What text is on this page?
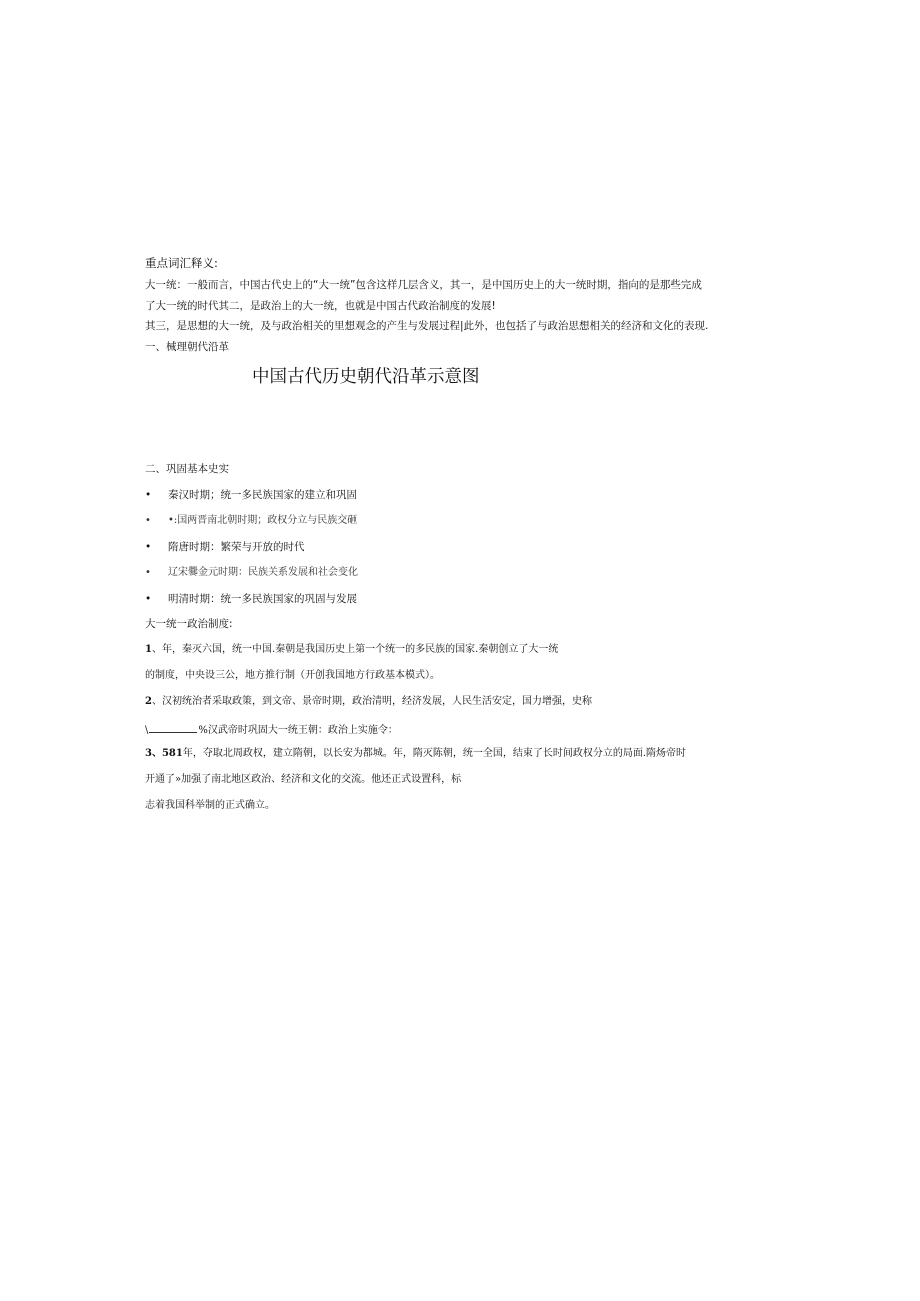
重点词汇释义:
大一统：一般而言，中国古代史上的“大一统”包含这样几层含义，其一，是中国历史上的大一统时期，指向的是那些完成
了大一统的时代其二，是政治上的大一统，也就是中国古代政治制度的发展!
其三，是思想的大一统，及与政治相关的里想观念的产生与发展过程|此外，也包括了与政治思想相关的经济和文化的表现.
一、械理朝代沿革
中国古代历史朝代沿革示意图
二、巩固基本史实
• 秦汉时期；统一多民族国家的建立和巩固
• •:国两晋南北朝时期；政权分立与民族交砸
• 隋唐时期：繁荣与开放的时代
• 辽宋爨金元时期：民族关系发展和社会变化
• 明清时期：统一多民族国家的巩固与发展
大一统一政治制度:
1、年，秦灭六国，统一中国.秦朝是我国历史上第一个统一的多民族的国家.秦朝创立了大一统
的制度，中央设三公，地方推行制（开创我国地方行政基本模式）。
2、汉初统治者采取政策，到文帝、景帝时期，政治清明，经济发展，人民生活安定，国力增强，史称
\	%汉武帝时巩固大一统王朝：政治上实施令：
3、581年，夺取北周政权，建立隋朝，以长安为都城。年，隋灭陈朝，统一全国，结束了长时间政权分立的局面.隋炀帝时
开通了»加强了南北地区政治、经济和文化的交流。他还正式设置科，标
志着我国科举制的正式确立。
